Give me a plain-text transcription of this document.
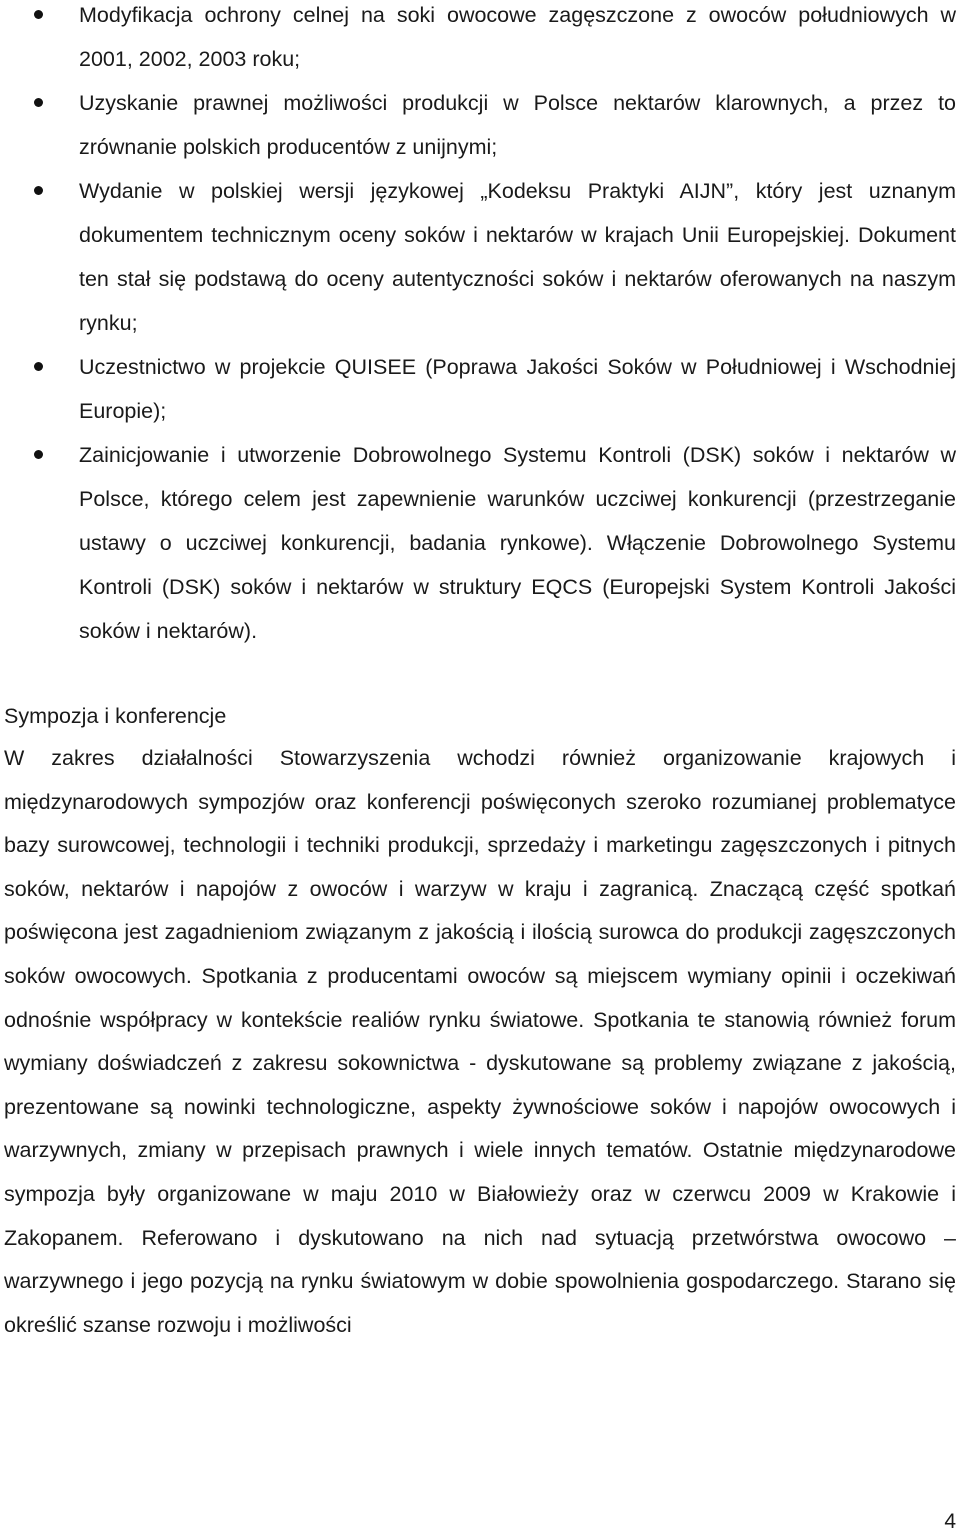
Modyfikacja ochrony celnej na soki owocowe zagęszczone z owoców południowych w 2001, 2002, 2003 roku;
Uzyskanie prawnej możliwości produkcji w Polsce nektarów klarownych, a przez to zrównanie polskich producentów z unijnymi;
Wydanie w polskiej wersji językowej „Kodeksu Praktyki AIJN”, który jest uznanym dokumentem technicznym oceny soków i nektarów w krajach Unii Europejskiej. Dokument ten stał się podstawą do oceny autentyczności soków i nektarów oferowanych na naszym rynku;
Uczestnictwo w projekcie QUISEE (Poprawa Jakości Soków w Południowej i Wschodniej Europie);
Zainicjowanie i utworzenie Dobrowolnego Systemu Kontroli (DSK) soków i nektarów w Polsce, którego celem jest zapewnienie warunków uczciwej konkurencji (przestrzeganie ustawy o uczciwej konkurencji, badania rynkowe). Włączenie Dobrowolnego Systemu Kontroli (DSK) soków i nektarów w struktury EQCS (Europejski System Kontroli Jakości soków i nektarów).
Sympozja i konferencje
W zakres działalności Stowarzyszenia wchodzi również organizowanie krajowych i międzynarodowych sympozjów oraz konferencji poświęconych szeroko rozumianej problematyce bazy surowcowej, technologii i techniki produkcji, sprzedaży i marketingu zagęszczonych i pitnych soków, nektarów i napojów z owoców i warzyw w kraju i zagranicą. Znaczącą część spotkań poświęcona jest zagadnieniom związanym z jakością i ilością surowca do produkcji zagęszczonych soków owocowych. Spotkania z producentami owoców są miejscem wymiany opinii i oczekiwań odnośnie współpracy w kontekście realiów rynku światowe. Spotkania te stanowią również forum wymiany doświadczeń z zakresu sokownictwa - dyskutowane są problemy związane z jakością, prezentowane są nowinki technologiczne, aspekty żywnościowe soków i napojów owocowych i warzywnych, zmiany w przepisach prawnych i wiele innych tematów. Ostatnie międzynarodowe sympozja były organizowane w maju 2010 w Białowieży oraz w czerwcu 2009 w Krakowie i Zakopanem. Referowano i dyskutowano na nich nad sytuacją przetwórstwa owocowo – warzywnego i jego pozycją na rynku światowym w dobie spowolnienia gospodarczego. Starano się określić szanse rozwoju i możliwości
4
